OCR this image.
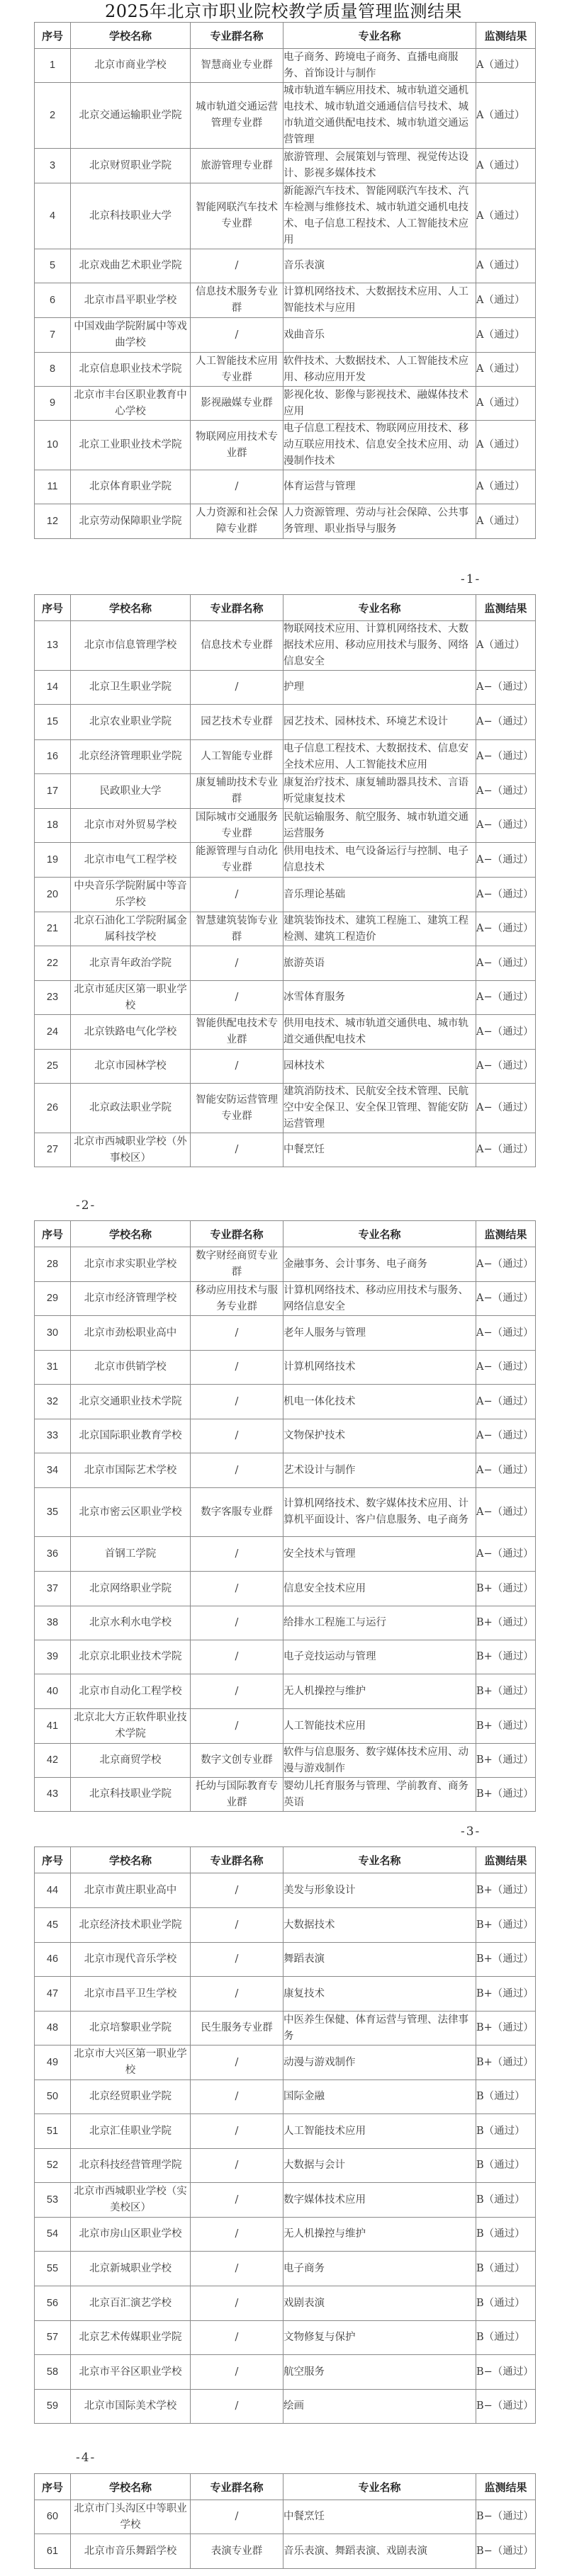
2025年北京市职业院校教学质量管理监测结果
序号	学校名称	专业群名称	专业名称	监测结果
1	北京市商业学校	智慧商业专业群	电子商务、跨境电子商务、直播电商服务、首饰设计与制作	A（通过）
2	北京交通运输职业学院	城市轨道交通运营管理专业群	城市轨道车辆应用技术、城市轨道交通机电技术、城市轨道交通通信信号技术、城市轨道交通供配电技术、城市轨道交通运营管理	A（通过）
3	北京财贸职业学院	旅游管理专业群	旅游管理、会展策划与管理、视觉传达设计、影视多媒体技术	A（通过）
4	北京科技职业大学	智能网联汽车技术专业群	新能源汽车技术、智能网联汽车技术、汽车检测与维修技术、城市轨道交通机电技术、电子信息工程技术、人工智能技术应用	A（通过）
5	北京戏曲艺术职业学院	/	音乐表演	A（通过）
6	北京市昌平职业学校	信息技术服务专业群	计算机网络技术、大数据技术应用、人工智能技术与应用	A（通过）
7	中国戏曲学院附属中等戏曲学校	/	戏曲音乐	A（通过）
8	北京信息职业技术学院	人工智能技术应用专业群	软件技术、大数据技术、人工智能技术应用、移动应用开发	A（通过）
9	北京市丰台区职业教育中心学校	影视融媒专业群	影视化妆、影像与影视技术、融媒体技术应用	A（通过）
10	北京工业职业技术学院	物联网应用技术专业群	电子信息工程技术、物联网应用技术、移动互联应用技术、信息安全技术应用、动漫制作技术	A（通过）
11	北京体育职业学院	/	体育运营与管理	A（通过）
12	北京劳动保障职业学院	人力资源和社会保障专业群	人力资源管理、劳动与社会保障、公共事务管理、职业指导与服务	A（通过）
-1-
序号	学校名称	专业群名称	专业名称	监测结果
13	北京市信息管理学校	信息技术专业群	物联网技术应用、计算机网络技术、大数据技术应用、移动应用技术与服务、网络信息安全	A（通过）
14	北京卫生职业学院	/	护理	A−（通过）
15	北京农业职业学院	园艺技术专业群	园艺技术、园林技术、环境艺术设计	A−（通过）
16	北京经济管理职业学院	人工智能专业群	电子信息工程技术、大数据技术、信息安全技术应用、人工智能技术应用	A−（通过）
17	民政职业大学	康复辅助技术专业群	康复治疗技术、康复辅助器具技术、言语听觉康复技术	A−（通过）
18	北京市对外贸易学校	国际城市交通服务专业群	民航运输服务、航空服务、城市轨道交通运营服务	A−（通过）
19	北京市电气工程学校	能源管理与自动化专业群	供用电技术、电气设备运行与控制、电子信息技术	A−（通过）
20	中央音乐学院附属中等音乐学校	/	音乐理论基础	A−（通过）
21	北京石油化工学院附属金属科技学校	智慧建筑装饰专业群	建筑装饰技术、建筑工程施工、建筑工程检测、建筑工程造价	A−（通过）
22	北京青年政治学院	/	旅游英语	A−（通过）
23	北京市延庆区第一职业学校	/	冰雪体育服务	A−（通过）
24	北京铁路电气化学校	智能供配电技术专业群	供用电技术、城市轨道交通供电、城市轨道交通供配电技术	A−（通过）
25	北京市园林学校	/	园林技术	A−（通过）
26	北京政法职业学院	智能安防运营管理专业群	建筑消防技术、民航安全技术管理、民航空中安全保卫、安全保卫管理、智能安防运营管理	A−（通过）
27	北京市西城职业学校（外事校区）	/	中餐烹饪	A−（通过）
-2-
序号	学校名称	专业群名称	专业名称	监测结果
28	北京市求实职业学校	数字财经商贸专业群	金融事务、会计事务、电子商务	A−（通过）
29	北京市经济管理学校	移动应用技术与服务专业群	计算机网络技术、移动应用技术与服务、网络信息安全	A−（通过）
30	北京市劲松职业高中	/	老年人服务与管理	A−（通过）
31	北京市供销学校	/	计算机网络技术	A−（通过）
32	北京交通职业技术学院	/	机电一体化技术	A−（通过）
33	北京国际职业教育学校	/	文物保护技术	A−（通过）
34	北京市国际艺术学校	/	艺术设计与制作	A−（通过）
35	北京市密云区职业学校	数字客服专业群	计算机网络技术、数字媒体技术应用、计算机平面设计、客户信息服务、电子商务	A−（通过）
36	首钢工学院	/	安全技术与管理	A−（通过）
37	北京网络职业学院	/	信息安全技术应用	B+（通过）
38	北京水利水电学校	/	给排水工程施工与运行	B+（通过）
39	北京京北职业技术学院	/	电子竞技运动与管理	B+（通过）
40	北京市自动化工程学校	/	无人机操控与维护	B+（通过）
41	北京北大方正软件职业技术学院	/	人工智能技术应用	B+（通过）
42	北京商贸学校	数字文创专业群	软件与信息服务、数字媒体技术应用、动漫与游戏制作	B+（通过）
43	北京科技职业学院	托幼与国际教育专业群	婴幼儿托育服务与管理、学前教育、商务英语	B+（通过）
-3-
序号	学校名称	专业群名称	专业名称	监测结果
44	北京市黄庄职业高中	/	美发与形象设计	B+（通过）
45	北京经济技术职业学院	/	大数据技术	B+（通过）
46	北京市现代音乐学校	/	舞蹈表演	B+（通过）
47	北京市昌平卫生学校	/	康复技术	B+（通过）
48	北京培黎职业学院	民生服务专业群	中医养生保健、体育运营与管理、法律事务	B+（通过）
49	北京市大兴区第一职业学校	/	动漫与游戏制作	B+（通过）
50	北京经贸职业学院	/	国际金融	B（通过）
51	北京汇佳职业学院	/	人工智能技术应用	B（通过）
52	北京科技经营管理学院	/	大数据与会计	B（通过）
53	北京市西城职业学校（实美校区）	/	数字媒体技术应用	B（通过）
54	北京市房山区职业学校	/	无人机操控与维护	B（通过）
55	北京新城职业学校	/	电子商务	B（通过）
56	北京百汇演艺学校	/	戏剧表演	B（通过）
57	北京艺术传媒职业学院	/	文物修复与保护	B（通过）
58	北京市平谷区职业学校	/	航空服务	B−（通过）
59	北京市国际美术学校	/	绘画	B−（通过）
-4-
序号	学校名称	专业群名称	专业名称	监测结果
60	北京市门头沟区中等职业学校	/	中餐烹饪	B−（通过）
61	北京市音乐舞蹈学校	表演专业群	音乐表演、舞蹈表演、戏剧表演	B−（通过）
